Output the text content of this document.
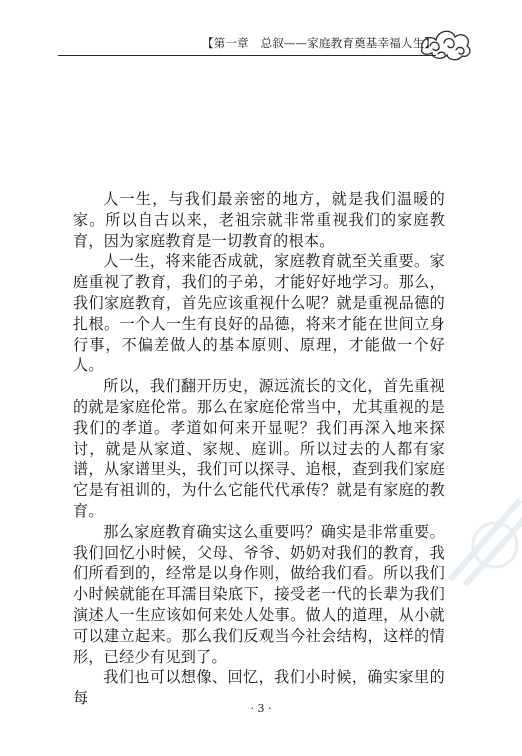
【第一章　总叙——家庭教育奠基幸福人生】

人一生，与我们最亲密的地方，就是我们温暖的家。所以自古以来，老祖宗就非常重视我们的家庭教育，因为家庭教育是一切教育的根本。

人一生，将来能否成就，家庭教育就至关重要。家庭重视了教育，我们的子弟，才能好好地学习。那么，我们家庭教育，首先应该重视什么呢？就是重视品德的扎根。一个人一生有良好的品德，将来才能在世间立身行事，不偏差做人的基本原则、原理，才能做一个好人。

所以，我们翻开历史，源远流长的文化，首先重视的就是家庭伦常。那么在家庭伦常当中，尤其重视的是我们的孝道。孝道如何来开显呢？我们再深入地来探讨，就是从家道、家规、庭训。所以过去的人都有家谱，从家谱里头，我们可以探寻、追根，查到我们家庭它是有祖训的，为什么它能代代承传？就是有家庭的教育。

那么家庭教育确实这么重要吗？确实是非常重要。我们回忆小时候，父母、爷爷、奶奶对我们的教育，我们所看到的，经常是以身作则，做给我们看。所以我们小时候就能在耳濡目染底下，接受老一代的长辈为我们演述人一生应该如何来处人处事。做人的道理，从小就可以建立起来。那么我们反观当今社会结构，这样的情形，已经少有见到了。

我们也可以想像、回忆，我们小时候，确实家里的每

· 3 ·
